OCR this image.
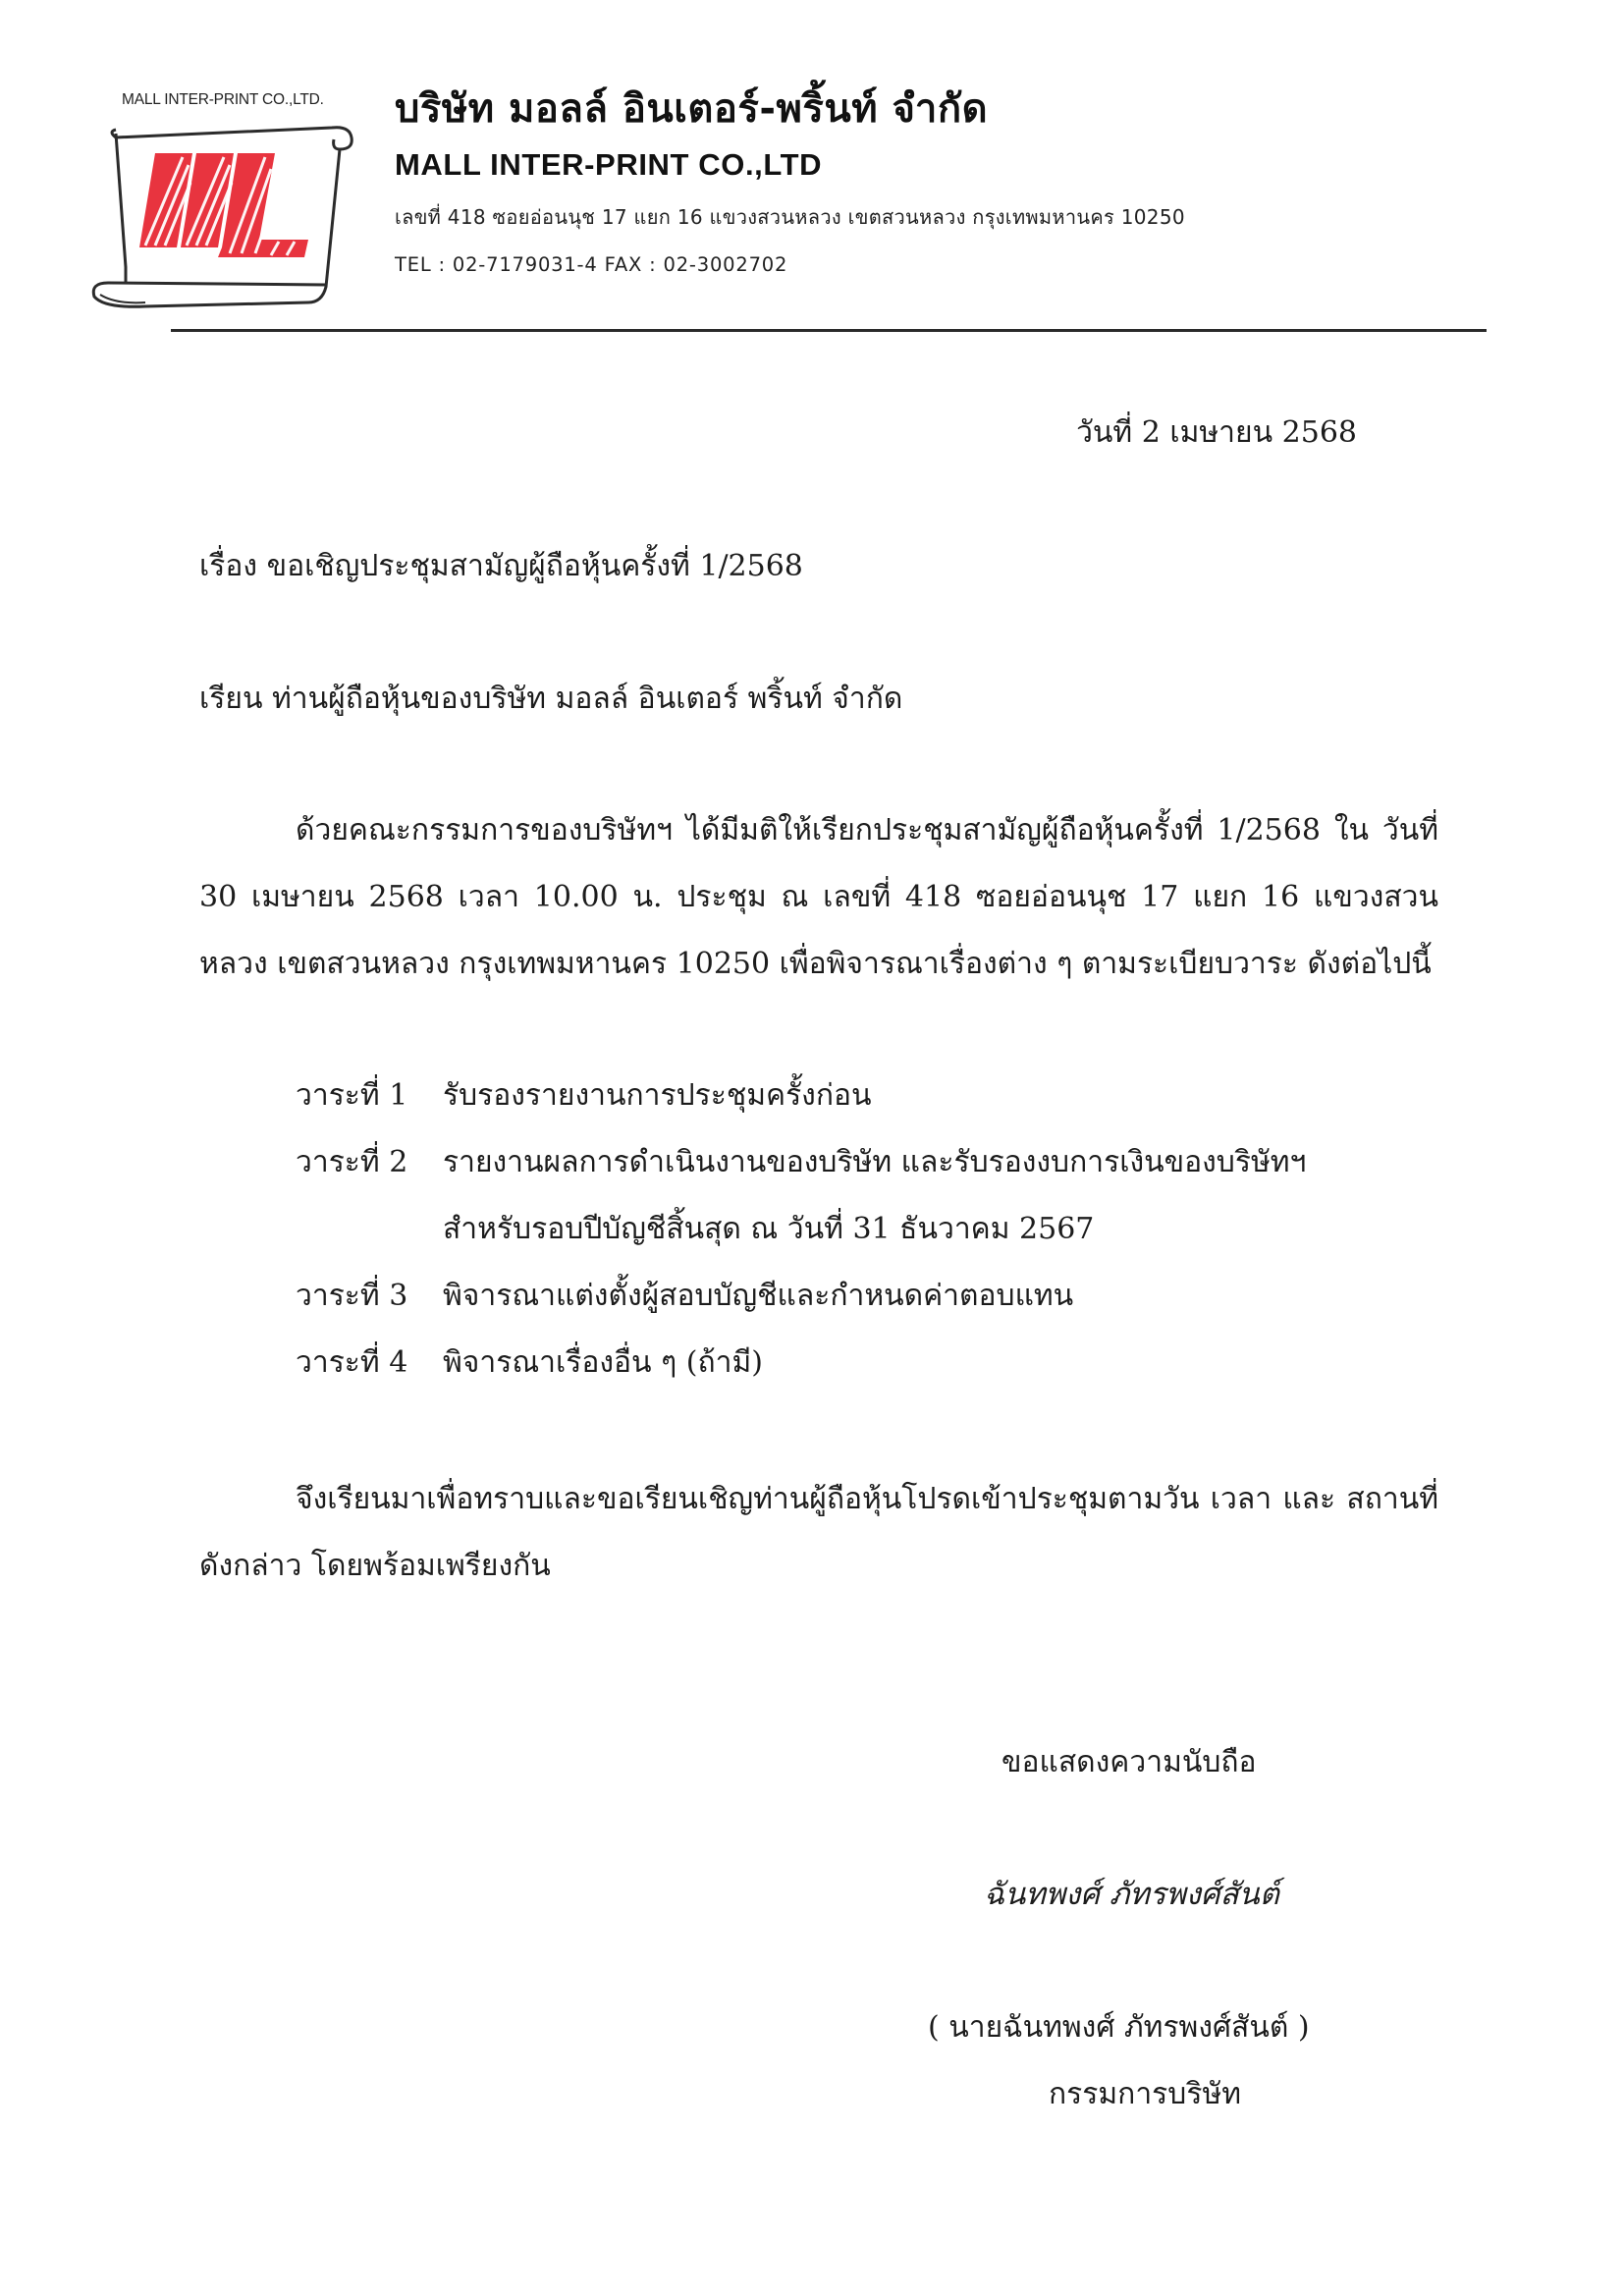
MALL INTER-PRINT CO.,LTD. บริษัท มอลล์ อินเตอร์-พริ้นท์ จำกัด
MALL INTER-PRINT CO.,LTD
เลขที่ 418 ซอยอ่อนนุช 17 แยก 16 แขวงสวนหลวง เขตสวนหลวง กรุงเทพมหานคร 10250
TEL : 02-7179031-4 FAX : 02-3002702
วันที่ 2 เมษายน 2568
เรื่อง ขอเชิญประชุมสามัญผู้ถือหุ้นครั้งที่ 1/2568
เรียน ท่านผู้ถือหุ้นของบริษัท มอลล์ อินเตอร์ พริ้นท์ จำกัด
ด้วยคณะกรรมการของบริษัทฯ ได้มีมติให้เรียกประชุมสามัญผู้ถือหุ้นครั้งที่ 1/2568 ใน วันที่ 30 เมษายน 2568 เวลา 10.00 น. ประชุม ณ เลขที่ 418 ซอยอ่อนนุช 17 แยก 16 แขวงสวน หลวง เขตสวนหลวง กรุงเทพมหานคร 10250 เพื่อพิจารณาเรื่องต่าง ๆ ตามระเบียบวาระ ดังต่อไปนี้
วาระที่ 1 รับรองรายงานการประชุมครั้งก่อน
วาระที่ 2 รายงานผลการดำเนินงานของบริษัท และรับรองงบการเงินของบริษัทฯ
สำหรับรอบปีบัญชีสิ้นสุด ณ วันที่ 31 ธันวาคม 2567
วาระที่ 3 พิจารณาแต่งตั้งผู้สอบบัญชีและกำหนดค่าตอบแทน
วาระที่ 4 พิจารณาเรื่องอื่น ๆ (ถ้ามี)
จึงเรียนมาเพื่อทราบและขอเรียนเชิญท่านผู้ถือหุ้นโปรดเข้าประชุมตามวัน เวลา และ สถานที่ดังกล่าว โดยพร้อมเพรียงกัน
ขอแสดงความนับถือ
ฉันทพงศ์ ภัทรพงศ์สันต์
( นายฉันทพงศ์ ภัทรพงศ์สันต์ )
กรรมการบริษัท
